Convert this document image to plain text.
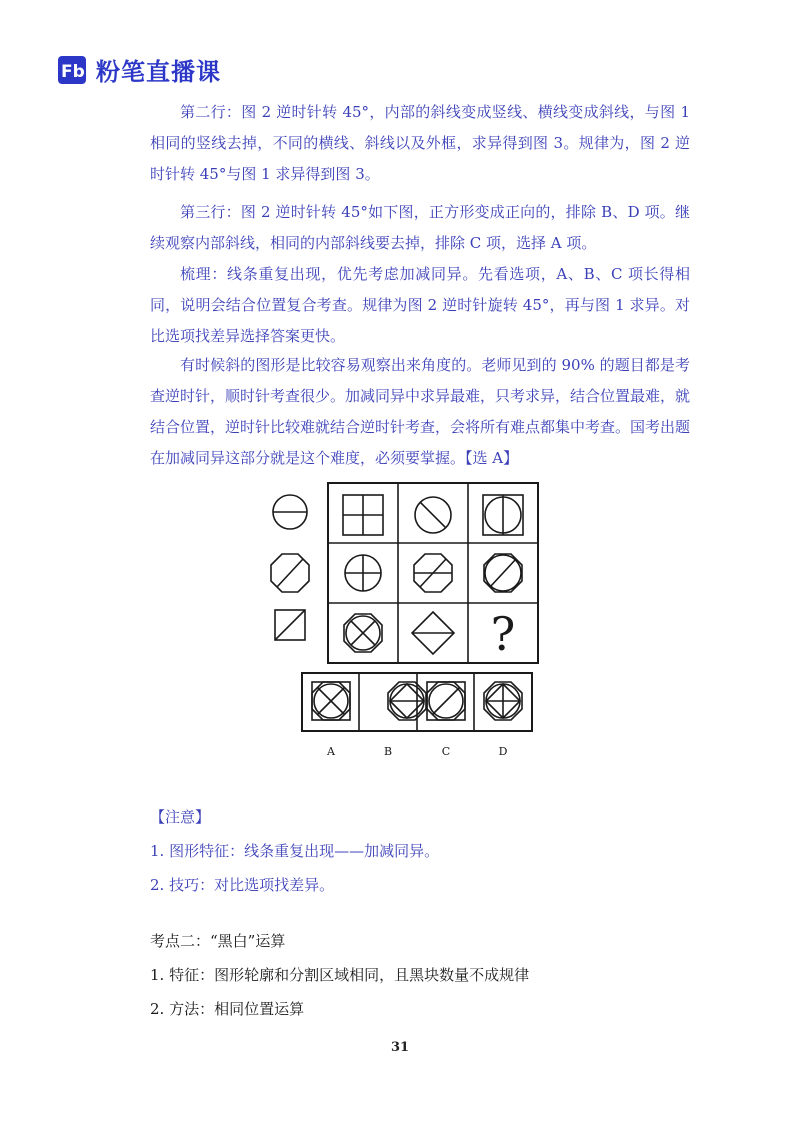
Fb 粉笔直播课

第二行：图 2 逆时针转 45°，内部的斜线变成竖线、横线变成斜线，与图 1 相同的竖线去掉，不同的横线、斜线以及外框，求异得到图 3。规律为，图 2 逆时针转 45°与图 1 求异得到图 3。

第三行：图 2 逆时针转 45°如下图，正方形变成正向的，排除 B、D 项。继续观察内部斜线，相同的内部斜线要去掉，排除 C 项，选择 A 项。

梳理：线条重复出现，优先考虑加减同异。先看选项，A、B、C 项长得相同，说明会结合位置复合考查。规律为图 2 逆时针旋转 45°，再与图 1 求异。对比选项找差异选择答案更快。

有时候斜的图形是比较容易观察出来角度的。老师见到的 90% 的题目都是考查逆时针，顺时针考查很少。加减同异中求异最难，只考求异，结合位置最难，就结合位置，逆时针比较难就结合逆时针考查，会将所有难点都集中考查。国考出题在加减同异这部分就是这个难度，必须要掌握。【选 A】

?
A	B	C	D
【注意】
1. 图形特征：线条重复出现——加减同异。
2. 技巧：对比选项找差异。
考点二：“黑白”运算
1. 特征：图形轮廓和分割区域相同，且黑块数量不成规律
2. 方法：相同位置运算
31
